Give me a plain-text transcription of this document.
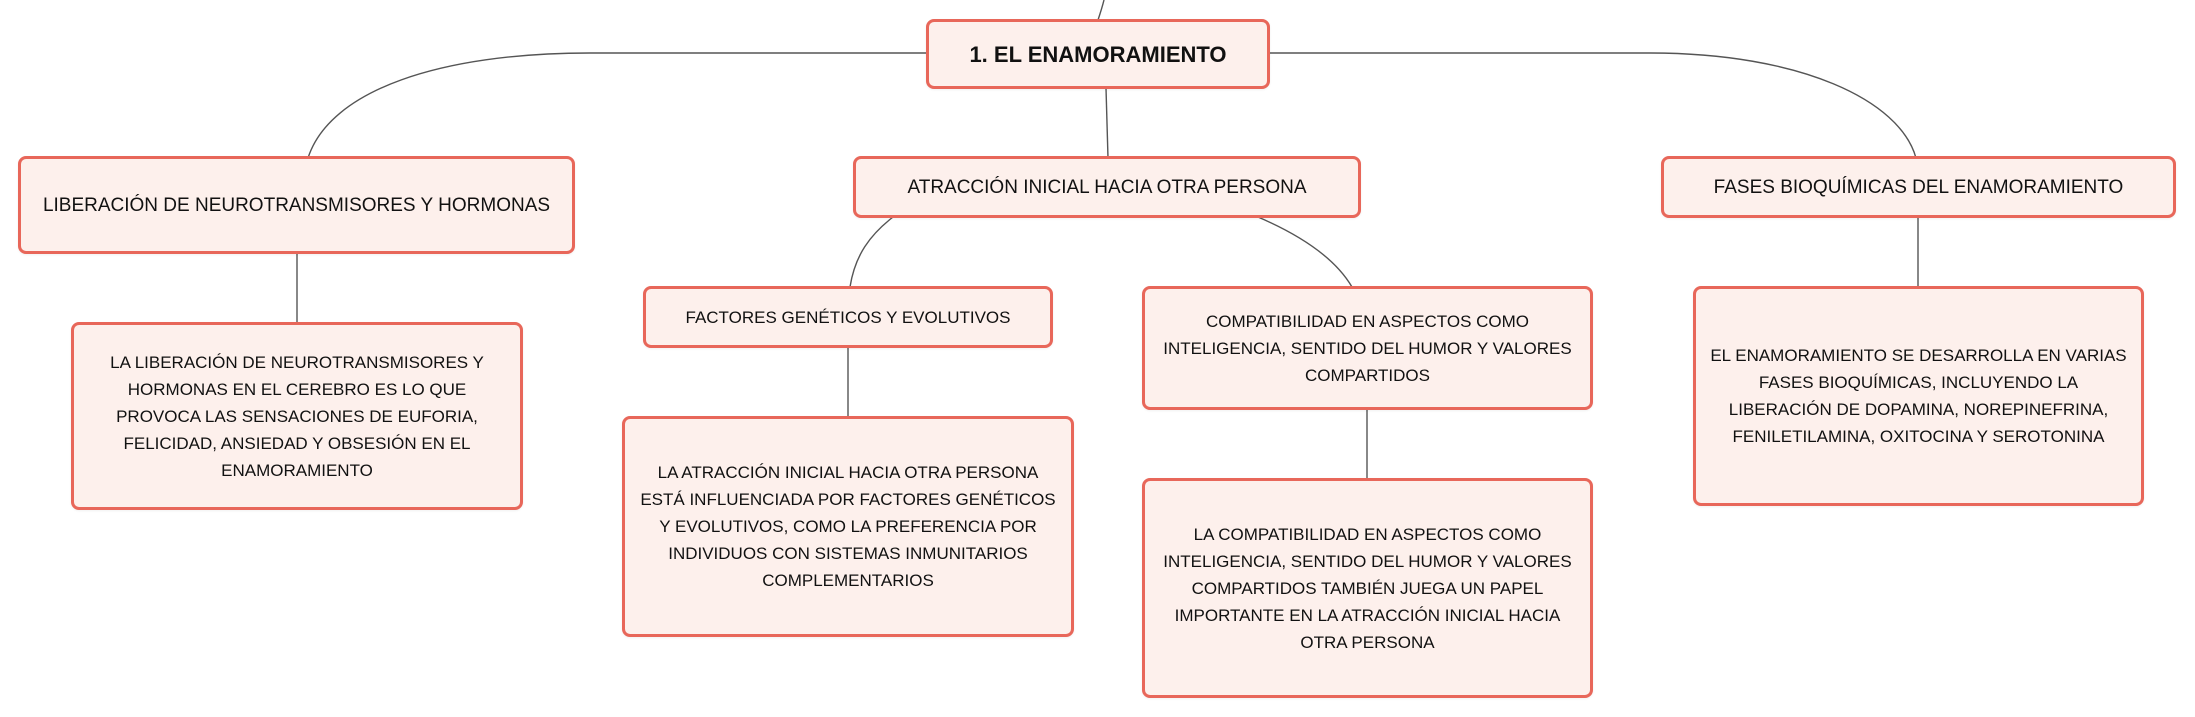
1. EL ENAMORAMIENTO
LIBERACIÓN DE NEUROTRANSMISORES Y HORMONAS
ATRACCIÓN INICIAL HACIA OTRA PERSONA	FASES BIOQUÍMICAS DEL ENAMORAMIENTO
LA LIBERACIÓN DE NEUROTRANSMISORES Y HORMONAS EN EL CEREBRO ES LO QUE PROVOCA LAS SENSACIONES DE EUFORIA, FELICIDAD, ANSIEDAD Y OBSESIÓN EN EL ENAMORAMIENTO
FACTORES GENÉTICOS Y EVOLUTIVOS	COMPATIBILIDAD EN ASPECTOS COMO INTELIGENCIA, SENTIDO DEL HUMOR Y VALORES COMPARTIDOS
LA ATRACCIÓN INICIAL HACIA OTRA PERSONA ESTÁ INFLUENCIADA POR FACTORES GENÉTICOS Y EVOLUTIVOS, COMO LA PREFERENCIA POR INDIVIDUOS CON SISTEMAS INMUNITARIOS COMPLEMENTARIOS
LA COMPATIBILIDAD EN ASPECTOS COMO INTELIGENCIA, SENTIDO DEL HUMOR Y VALORES COMPARTIDOS TAMBIÉN JUEGA UN PAPEL IMPORTANTE EN LA ATRACCIÓN INICIAL HACIA OTRA PERSONA
EL ENAMORAMIENTO SE DESARROLLA EN VARIAS FASES BIOQUÍMICAS, INCLUYENDO LA LIBERACIÓN DE DOPAMINA, NOREPINEFRINA, FENILETILAMINA, OXITOCINA Y SEROTONINA
